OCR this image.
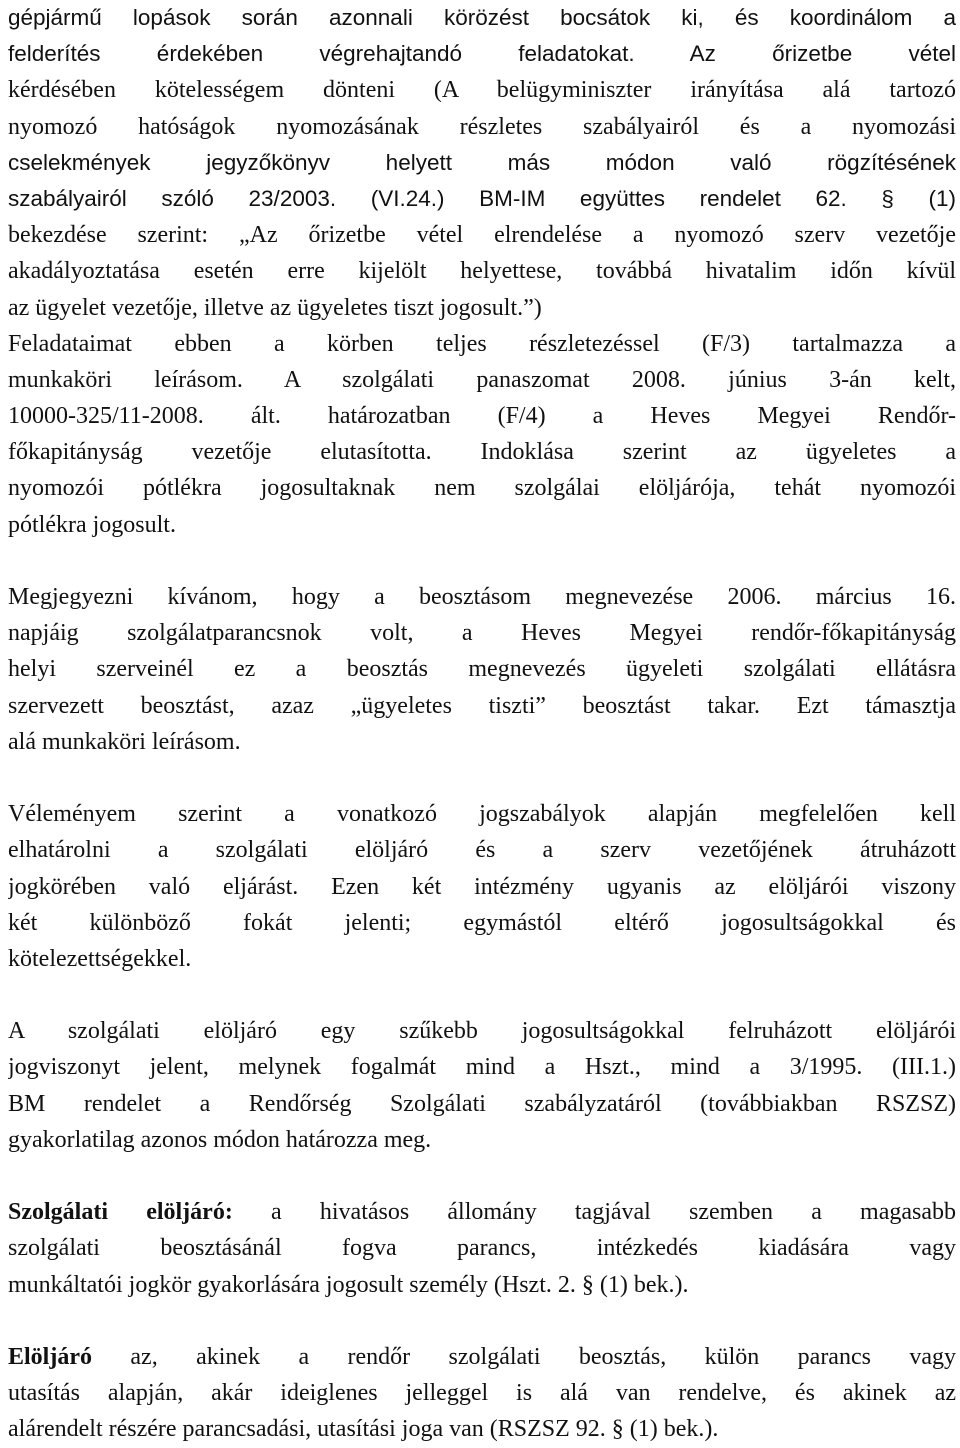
gépjármű lopások során azonnali körözést bocsátok ki, és koordinálom a
felderítés érdekében végrehajtandó feladatokat. Az őrizetbe vétel
kérdésében kötelességem dönteni (A belügyminiszter irányítása alá tartozó
nyomozó hatóságok nyomozásának részletes szabályairól és a nyomozási
cselekmények jegyzőkönyv helyett más módon való rögzítésének
szabályairól szóló 23/2003. (VI.24.) BM-IM együttes rendelet 62. § (1)
bekezdése szerint: „Az őrizetbe vétel elrendelése a nyomozó szerv vezetője
akadályoztatása esetén erre kijelölt helyettese, továbbá hivatalim időn kívül
az ügyelet vezetője, illetve az ügyeletes tiszt jogosult.”)
Feladataimat ebben a körben teljes részletezéssel (F/3) tartalmazza a
munkaköri leírásom. A szolgálati panaszomat 2008. június 3-án kelt,
10000-325/11-2008. ált. határozatban (F/4) a Heves Megyei Rendőr-
főkapitányság vezetője elutasította. Indoklása szerint az ügyeletes a
nyomozói pótlékra jogosultaknak nem szolgálai elöljárója, tehát nyomozói
pótlékra jogosult.
Megjegyezni kívánom, hogy a beosztásom megnevezése 2006. március 16.
napjáig szolgálatparancsnok volt, a Heves Megyei rendőr-főkapitányság
helyi szerveinél ez a beosztás megnevezés ügyeleti szolgálati ellátásra
szervezett beosztást, azaz „ügyeletes tiszti” beosztást takar. Ezt támasztja
alá munkaköri leírásom.
Véleményem szerint a vonatkozó jogszabályok alapján megfelelően kell
elhatárolni a szolgálati elöljáró és a szerv vezetőjének átruházott
jogkörében való eljárást. Ezen két intézmény ugyanis az elöljárói viszony
két különböző fokát jelenti; egymástól eltérő jogosultságokkal és
kötelezettségekkel.
A szolgálati elöljáró egy szűkebb jogosultságokkal felruházott elöljárói
jogviszonyt jelent, melynek fogalmát mind a Hszt., mind a 3/1995. (III.1.)
BM rendelet a Rendőrség Szolgálati szabályzatáról (továbbiakban RSZSZ)
gyakorlatilag azonos módon határozza meg.
Szolgálati elöljáró: a hivatásos állomány tagjával szemben a magasabb
szolgálati beosztásánál fogva parancs, intézkedés kiadására vagy
munkáltatói jogkör gyakorlására jogosult személy (Hszt. 2. § (1) bek.).
Elöljáró az, akinek a rendőr szolgálati beosztás, külön parancs vagy
utasítás alapján, akár ideiglenes jelleggel is alá van rendelve, és akinek az
alárendelt részére parancsadási, utasítási joga van (RSZSZ 92. § (1) bek.).
